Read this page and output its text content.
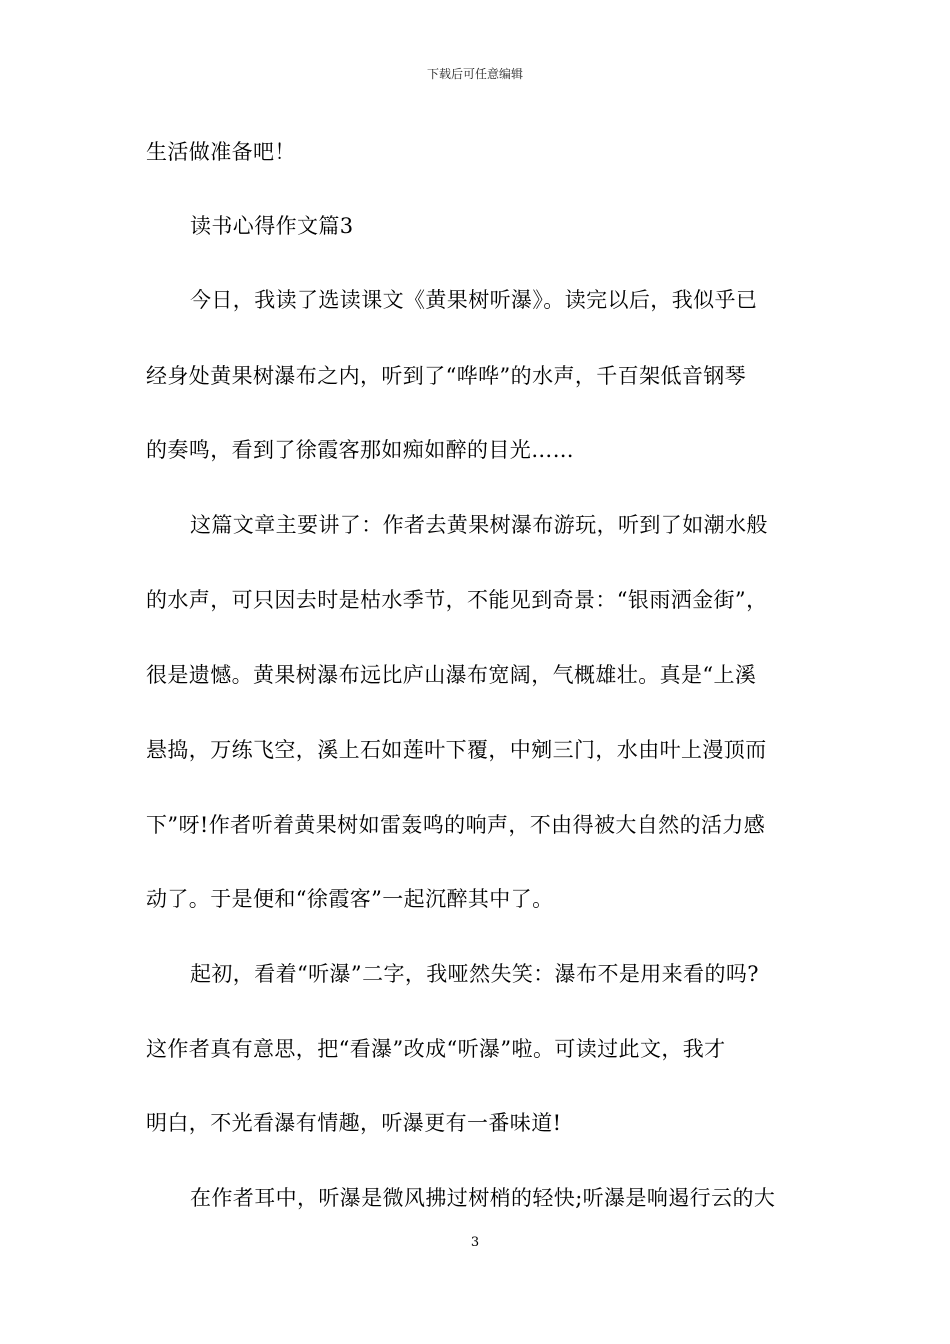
下载后可任意编辑
生活做准备吧！
读书心得作文篇3
今日，我读了选读课文《黄果树听瀑》。读完以后，我似乎已
经身处黄果树瀑布之内，听到了“哗哗”的水声，千百架低音钢琴
的奏鸣，看到了徐霞客那如痴如醉的目光……
这篇文章主要讲了：作者去黄果树瀑布游玩，听到了如潮水般
的水声，可只因去时是枯水季节，不能见到奇景：“银雨洒金街”，
很是遗憾。黄果树瀑布远比庐山瀑布宽阔，气概雄壮。真是“上溪
悬捣，万练飞空，溪上石如莲叶下覆，中剜三门，水由叶上漫顶而
下”呀!作者听着黄果树如雷轰鸣的响声，不由得被大自然的活力感
动了。于是便和“徐霞客”一起沉醉其中了。
起初，看着“听瀑”二字，我哑然失笑：瀑布不是用来看的吗?
这作者真有意思，把“看瀑”改成“听瀑”啦。可读过此文，我才
明白，不光看瀑有情趣，听瀑更有一番味道!
在作者耳中，听瀑是微风拂过树梢的轻快;听瀑是响遏行云的大
3
